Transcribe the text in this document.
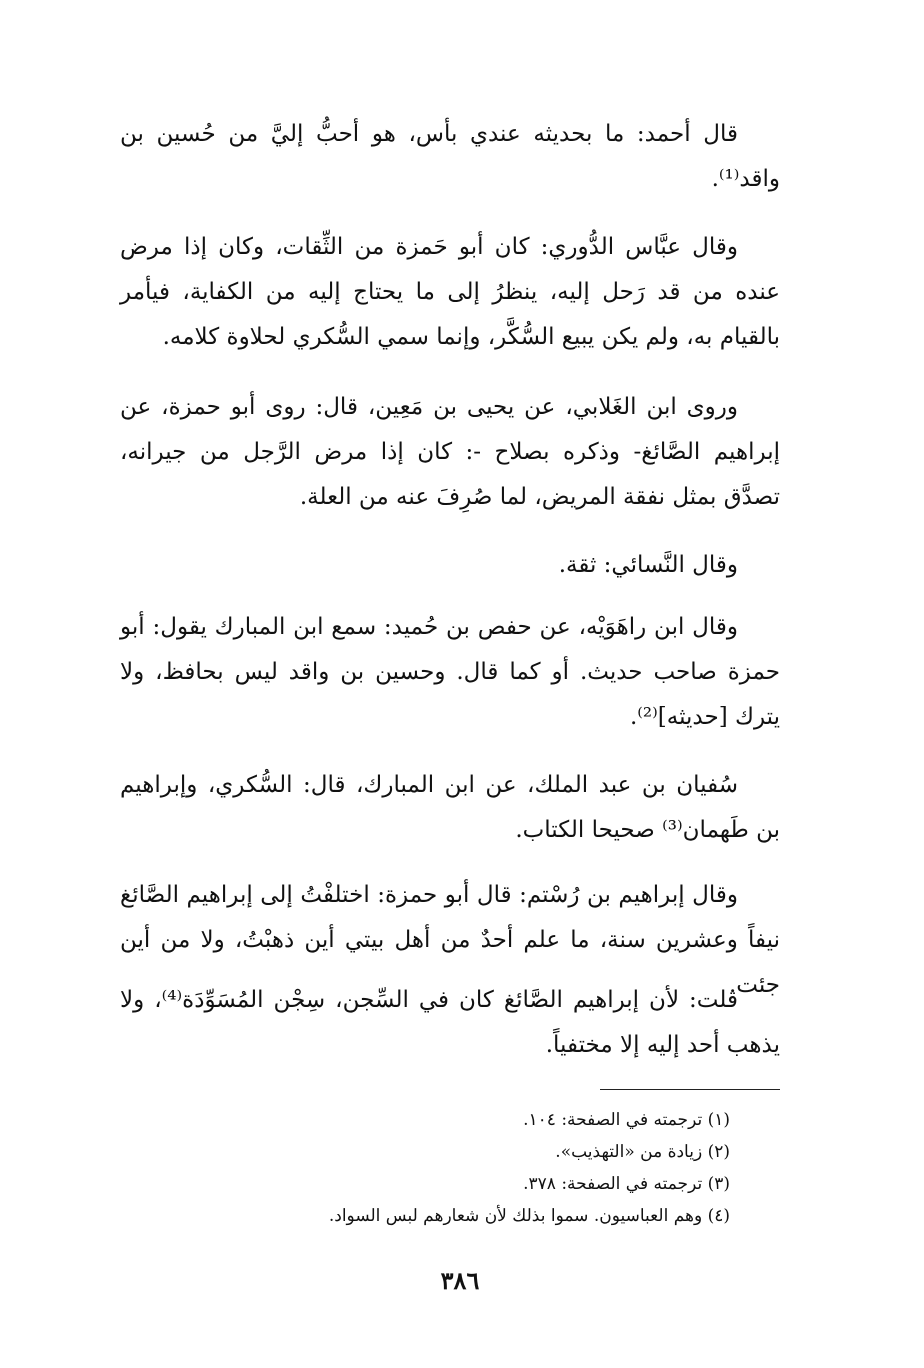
قال أحمد: ما بحديثه عندي بأس، هو أحبُّ إليَّ من حُسين بن واقد⁽¹⁾.

وقال عبَّاس الدُّوري: كان أبو حَمزة من الثِّقات، وكان إذا مرض عنده من قد رَحل إليه، ينظرُ إلى ما يحتاج إليه من الكفاية، فيأمر بالقيام به، ولم يكن يبيع السُّكَّر، وإنما سمي السُّكري لحلاوة كلامه.

وروى ابن الغَلابي، عن يحيى بن مَعِين، قال: روى أبو حمزة، عن إبراهيم الصَّائغ- وذكره بصلاح -: كان إذا مرض الرَّجل من جيرانه، تصدَّق بمثل نفقة المريض، لما صُرِفَ عنه من العلة.

وقال النَّسائي: ثقة.

وقال ابن راهَوَيْه، عن حفص بن حُميد: سمع ابن المبارك يقول: أبو حمزة صاحب حديث. أو كما قال. وحسين بن واقد ليس بحافظ، ولا يترك [حديثه]⁽²⁾.

سُفيان بن عبد الملك، عن ابن المبارك، قال: السُّكري، وإبراهيم بن طَهمان⁽³⁾ صحيحا الكتاب.

وقال إبراهيم بن رُسْتم: قال أبو حمزة: اختلفْتُ إلى إبراهيم الصَّائغ نيفاً وعشرين سنة، ما علم أحدٌ من أهل بيتي أين ذهبْتُ، ولا من أين جئت.

قلت: لأن إبراهيم الصَّائغ كان في السِّجن، سِجْن المُسَوِّدَة⁽⁴⁾، ولا يذهب أحد إليه إلا مختفياً.

(١) ترجمته في الصفحة: ١٠٤.

(٢) زيادة من «التهذيب».

(٣) ترجمته في الصفحة: ٣٧٨.

(٤) وهم العباسيون. سموا بذلك لأن شعارهم لبس السواد.

٣٨٦
